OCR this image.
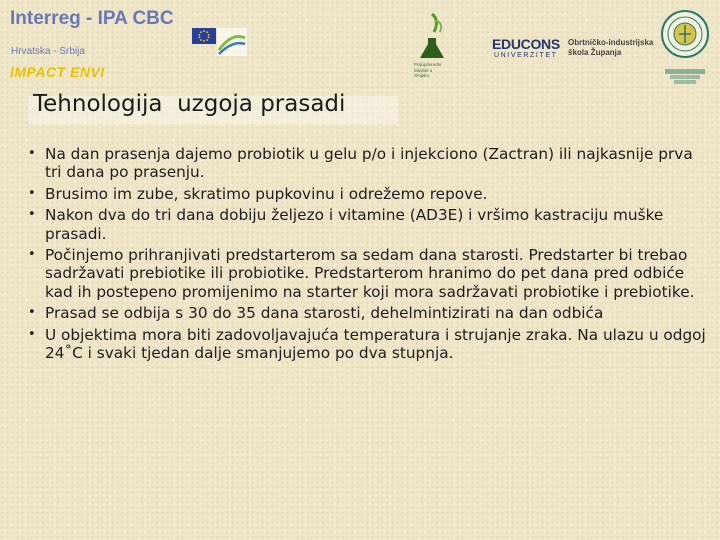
Interreg - IPA CBC
Hrvatska - Srbija
IMPACT ENVI	Poljoprivredni
fakultet u
Osijeku
EDUCONS
UNIVERZITET
Obrtničko-industrijska
škola Županja
Tehnologija  uzgoja prasadi
• Na dan prasenja dajemo probiotik u gelu p/o i injekciono (Zactran) ili najkasnije prva tri dana po prasenju.
• Brusimo im zube, skratimo pupkovinu i odrežemo repove.
• Nakon dva do tri dana dobiju željezo i vitamine (AD3E) i vršimo kastraciju muške prasadi.
• Počinjemo prihranjivati predstarterom sa sedam dana starosti. Predstarter bi trebao sadržavati prebiotike ili probiotike. Predstarterom hranimo do pet dana pred odbiće kad ih postepeno promijenimo na starter koji mora sadržavati probiotike i prebiotike.
• Prasad se odbija s 30 do 35 dana starosti, dehelmintizirati na dan odbića
• U objektima mora biti zadovoljavajuća temperatura i strujanje zraka. Na ulazu u odgoj 24˚C i svaki tjedan dalje smanjujemo po dva stupnja.
